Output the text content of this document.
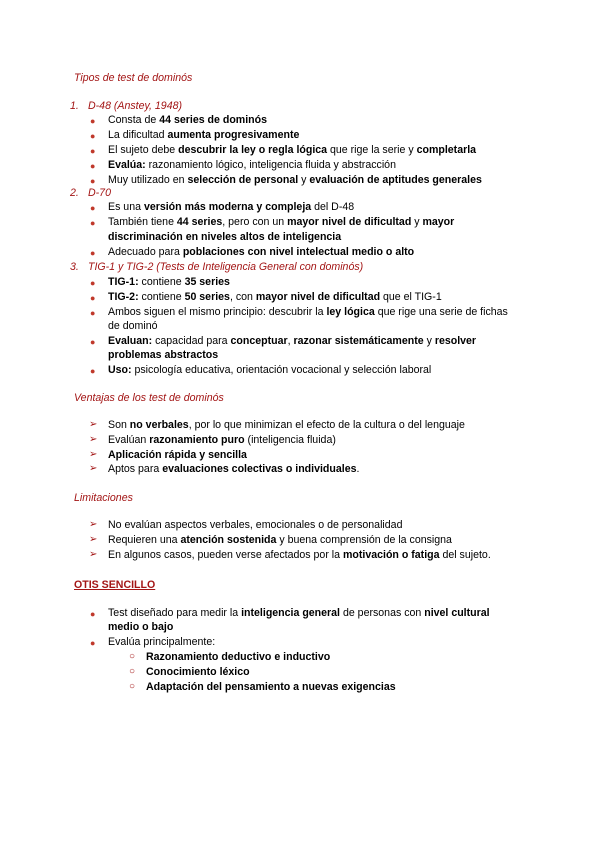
Tipos de test de dominós
1. D-48 (Anstey, 1948)
● Consta de 44 series de dominós
● La dificultad aumenta progresivamente
● El sujeto debe descubrir la ley o regla lógica que rige la serie y completarla
● Evalúa: razonamiento lógico, inteligencia fluida y abstracción
● Muy utilizado en selección de personal y evaluación de aptitudes generales
2. D-70
● Es una versión más moderna y compleja del D-48
● También tiene 44 series, pero con un mayor nivel de dificultad y mayor
discriminación en niveles altos de inteligencia
● Adecuado para poblaciones con nivel intelectual medio o alto
3. TIG-1 y TIG-2 (Tests de Inteligencia General con dominós)
● TIG-1: contiene 35 series
● TIG-2: contiene 50 series, con mayor nivel de dificultad que el TIG-1
● Ambos siguen el mismo principio: descubrir la ley lógica que rige una serie de fichas
de dominó
● Evaluan: capacidad para conceptuar, razonar sistemáticamente y resolver
problemas abstractos
● Uso: psicología educativa, orientación vocacional y selección laboral
Ventajas de los test de dominós
➢ Son no verbales, por lo que minimizan el efecto de la cultura o del lenguaje
➢ Evalúan razonamiento puro (inteligencia fluida)
➢ Aplicación rápida y sencilla
➢ Aptos para evaluaciones colectivas o individuales.
Limitaciones
➢ No evalúan aspectos verbales, emocionales o de personalidad
➢ Requieren una atención sostenida y buena comprensión de la consigna
➢ En algunos casos, pueden verse afectados por la motivación o fatiga del sujeto.
OTIS SENCILLO
● Test diseñado para medir la inteligencia general de personas con nivel cultural
medio o bajo
● Evalúa principalmente:
○ Razonamiento deductivo e inductivo
○ Conocimiento léxico
○ Adaptación del pensamiento a nuevas exigencias
